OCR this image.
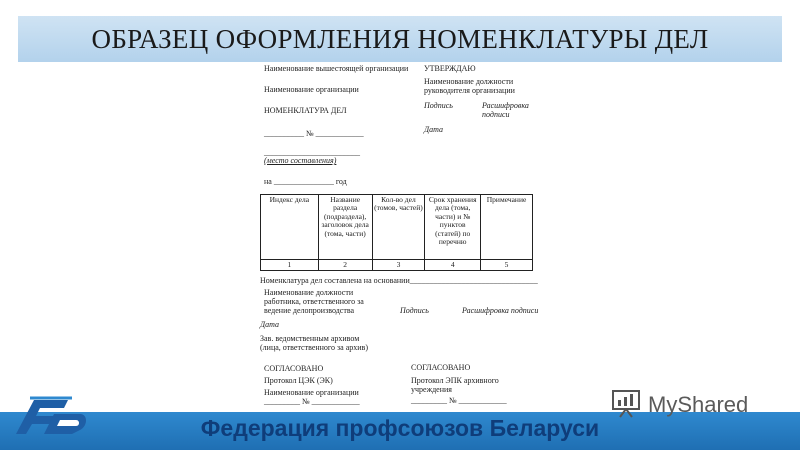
ОБРАЗЕЦ ОФОРМЛЕНИЯ НОМЕНКЛАТУРЫ ДЕЛ
Наименование вышестоящей организации
Наименование организации
НОМЕНКЛАТУРА ДЕЛ
__________ № ____________
________________________
(место составления)
на _______________ год
УТВЕРЖДАЮ
Наименование должности
руководителя организации
Подпись	Расшифровка
подписи
Дата
Индекс дела	Название раздела (подраздела), заголовок дела (тома, части)	Кол-во дел (томов, частей)	Срок хранения дела (тома, части) и № пунктов (статей) по перечню	Примечание
1	2	3	4	5
Номенклатура дел составлена на основании________________________________
Наименование должности
работника, ответственного за
ведение делопроизводства	Подпись	Расшифровка подписи
Дата
Зав. ведомственным архивом
(лица, ответственного за архив)
СОГЛАСОВАНО
Протокол ЦЭК (ЭК)
Наименование организации
_________ № ____________
СОГЛАСОВАНО
Протокол ЭПК архивного
учреждения
_________ № ____________
Федерация профсоюзов Беларуси
MyShared
